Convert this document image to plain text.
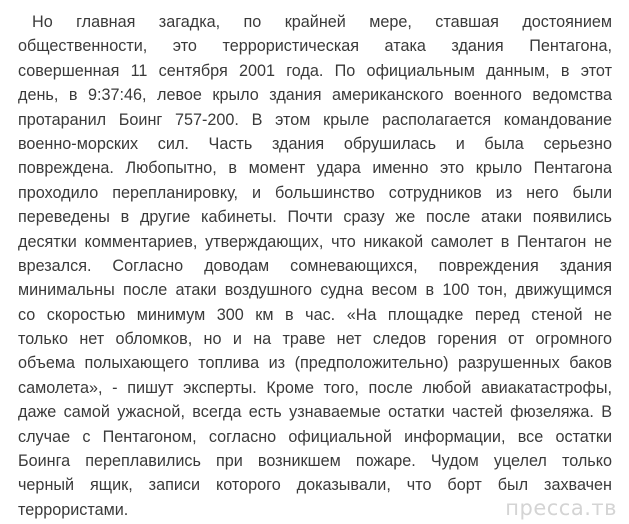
Но главная загадка, по крайней мере, ставшая достоянием
общественности, это террористическая атака здания Пентагона,
совершенная 11 сентября 2001 года. По официальным данным, в этот
день, в 9:37:46, левое крыло здания американского военного ведомства
протаранил Боинг 757-200. В этом крыле располагается командование
военно-морских сил. Часть здания обрушилась и была серьезно
повреждена. Любопытно, в момент удара именно это крыло Пентагона
проходило перепланировку, и большинство сотрудников из него были
переведены в другие кабинеты. Почти сразу же после атаки появились
десятки комментариев, утверждающих, что никакой самолет в Пентагон не
врезался. Согласно доводам сомневающихся, повреждения здания
минимальны после атаки воздушного судна весом в 100 тон, движущимся
со скоростью минимум 300 км в час. «На площадке перед стеной не
только нет обломков, но и на траве нет следов горения от огромного
объема полыхающего топлива из (предположительно) разрушенных баков
самолета», - пишут эксперты. Кроме того, после любой авиакатастрофы,
даже самой ужасной, всегда есть узнаваемые остатки частей фюзеляжа. В
случае с Пентагоном, согласно официальной информации, все остатки
Боинга переплавились при возникшем пожаре. Чудом уцелел только
черный ящик, записи которого доказывали, что борт был захвачен
террористами.	пресса.тв
